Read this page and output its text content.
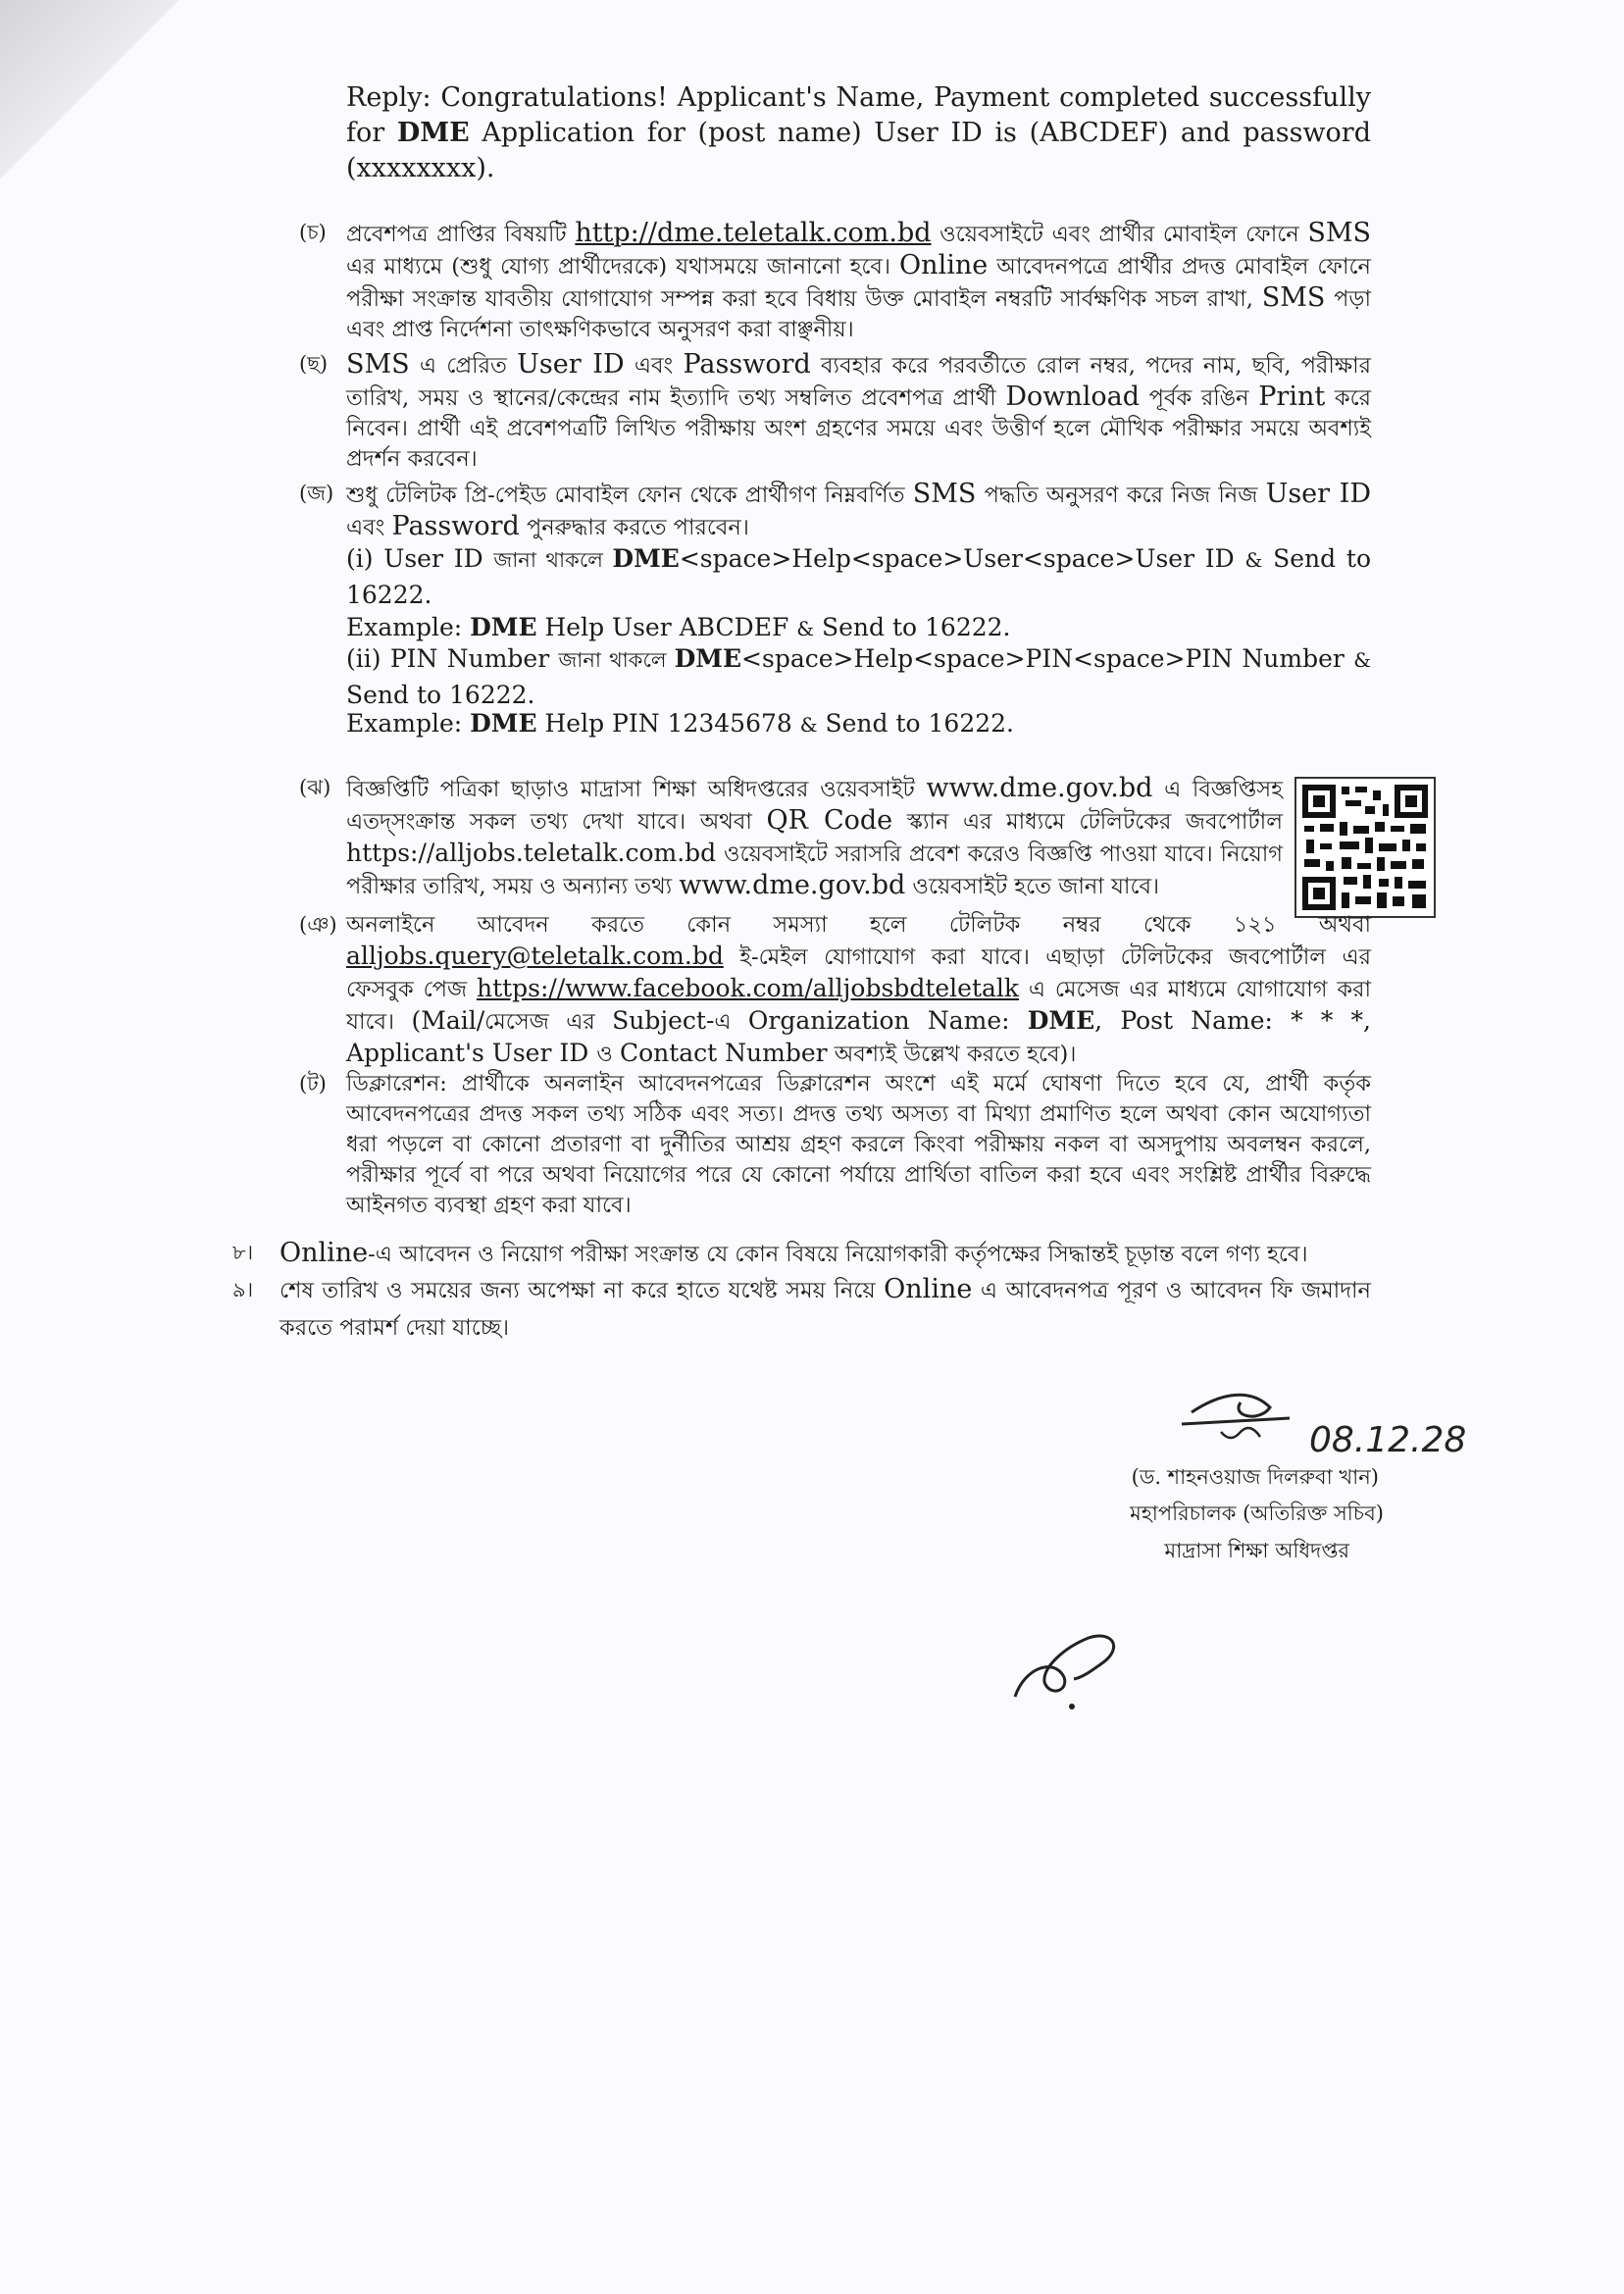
Reply: Congratulations! Applicant's Name, Payment completed successfully for DME Application for (post name) User ID is (ABCDEF) and password (xxxxxxxx).
(চ) প্রবেশপত্র প্রাপ্তির বিষয়টি http://dme.teletalk.com.bd ওয়েবসাইটে এবং প্রার্থীর মোবাইল ফোনে SMS এর মাধ্যমে (শুধু যোগ্য প্রার্থীদেরকে) যথাসময়ে জানানো হবে। Online আবেদনপত্রে প্রার্থীর প্রদত্ত মোবাইল ফোনে পরীক্ষা সংক্রান্ত যাবতীয় যোগাযোগ সম্পন্ন করা হবে বিধায় উক্ত মোবাইল নম্বরটি সার্বক্ষণিক সচল রাখা, SMS পড়া এবং প্রাপ্ত নির্দেশনা তাৎক্ষণিকভাবে অনুসরণ করা বাঞ্ছনীয়।
(ছ) SMS এ প্রেরিত User ID এবং Password ব্যবহার করে পরবর্তীতে রোল নম্বর, পদের নাম, ছবি, পরীক্ষার তারিখ, সময় ও স্থানের/কেন্দ্রের নাম ইত্যাদি তথ্য সম্বলিত প্রবেশপত্র প্রার্থী Download পূর্বক রঙিন Print করে নিবেন। প্রার্থী এই প্রবেশপত্রটি লিখিত পরীক্ষায় অংশ গ্রহণের সময়ে এবং উত্তীর্ণ হলে মৌখিক পরীক্ষার সময়ে অবশ্যই প্রদর্শন করবেন।
(জ) শুধু টেলিটক প্রি-পেইড মোবাইল ফোন থেকে প্রার্থীগণ নিম্নবর্ণিত SMS পদ্ধতি অনুসরণ করে নিজ নিজ User ID এবং Password পুনরুদ্ধার করতে পারবেন।
(i) User ID জানা থাকলে DME<space>Help<space>User<space>User ID & Send to 16222.
Example: DME Help User ABCDEF & Send to 16222.
(ii) PIN Number জানা থাকলে DME<space>Help<space>PIN<space>PIN Number & Send to 16222.
Example: DME Help PIN 12345678 & Send to 16222.
(ঝ) বিজ্ঞপ্তিটি পত্রিকা ছাড়াও মাদ্রাসা শিক্ষা অধিদপ্তরের ওয়েবসাইট www.dme.gov.bd এ বিজ্ঞপ্তিসহ এতদ্সংক্রান্ত সকল তথ্য দেখা যাবে। অথবা QR Code স্ক্যান এর মাধ্যমে টেলিটকের জবপোর্টাল https://alljobs.teletalk.com.bd ওয়েবসাইটে সরাসরি প্রবেশ করেও বিজ্ঞপ্তি পাওয়া যাবে। নিয়োগ পরীক্ষার তারিখ, সময় ও অন্যান্য তথ্য www.dme.gov.bd ওয়েবসাইট হতে জানা যাবে।
(ঞ) অনলাইনে আবেদন করতে কোন সমস্যা হলে টেলিটক নম্বর থেকে ১২১ অথবা alljobs.query@teletalk.com.bd ই-মেইল যোগাযোগ করা যাবে। এছাড়া টেলিটকের জবপোর্টাল এর ফেসবুক পেজ https://www.facebook.com/alljobsbdteletalk এ মেসেজ এর মাধ্যমে যোগাযোগ করা যাবে। (Mail/মেসেজ এর Subject-এ Organization Name: DME, Post Name: * * *, Applicant's User ID ও Contact Number অবশ্যই উল্লেখ করতে হবে)।
(ট) ডিক্লারেশন: প্রার্থীকে অনলাইন আবেদনপত্রের ডিক্লারেশন অংশে এই মর্মে ঘোষণা দিতে হবে যে, প্রার্থী কর্তৃক আবেদনপত্রের প্রদত্ত সকল তথ্য সঠিক এবং সত্য। প্রদত্ত তথ্য অসত্য বা মিথ্যা প্রমাণিত হলে অথবা কোন অযোগ্যতা ধরা পড়লে বা কোনো প্রতারণা বা দুর্নীতির আশ্রয় গ্রহণ করলে কিংবা পরীক্ষায় নকল বা অসদুপায় অবলম্বন করলে, পরীক্ষার পূর্বে বা পরে অথবা নিয়োগের পরে যে কোনো পর্যায়ে প্রার্থিতা বাতিল করা হবে এবং সংশ্লিষ্ট প্রার্থীর বিরুদ্ধে আইনগত ব্যবস্থা গ্রহণ করা যাবে।
৮। Online-এ আবেদন ও নিয়োগ পরীক্ষা সংক্রান্ত যে কোন বিষয়ে নিয়োগকারী কর্তৃপক্ষের সিদ্ধান্তই চূড়ান্ত বলে গণ্য হবে।
৯। শেষ তারিখ ও সময়ের জন্য অপেক্ষা না করে হাতে যথেষ্ট সময় নিয়ে Online এ আবেদনপত্র পূরণ ও আবেদন ফি জমাদান করতে পরামর্শ দেয়া যাচ্ছে।
08.12.28
(ড. শাহনওয়াজ দিলরুবা খান)
মহাপরিচালক (অতিরিক্ত সচিব)
মাদ্রাসা শিক্ষা অধিদপ্তর
